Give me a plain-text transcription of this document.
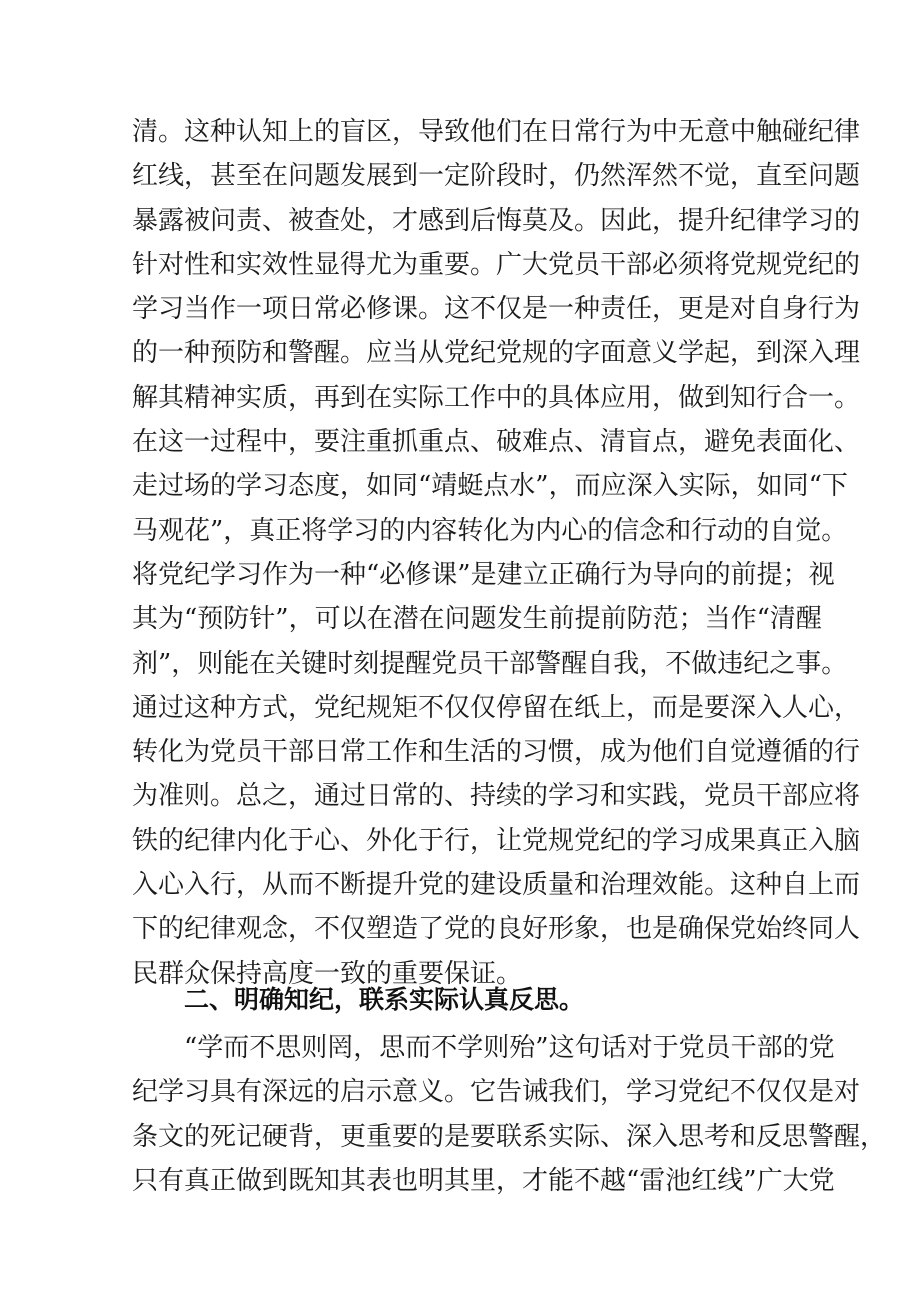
清。这种认知上的盲区，导致他们在日常行为中无意中触碰纪律
红线，甚至在问题发展到一定阶段时，仍然浑然不觉，直至问题
暴露被问责、被查处，才感到后悔莫及。因此，提升纪律学习的
针对性和实效性显得尤为重要。广大党员干部必须将党规党纪的
学习当作一项日常必修课。这不仅是一种责任，更是对自身行为
的一种预防和警醒。应当从党纪党规的字面意义学起，到深入理
解其精神实质，再到在实际工作中的具体应用，做到知行合一。
在这一过程中，要注重抓重点、破难点、清盲点，避免表面化、
走过场的学习态度，如同“靖蜓点水”，而应深入实际，如同“下
马观花”，真正将学习的内容转化为内心的信念和行动的自觉。
将党纪学习作为一种“必修课”是建立正确行为导向的前提；视
其为“预防针”，可以在潜在问题发生前提前防范；当作“清醒
剂”，则能在关键时刻提醒党员干部警醒自我，不做违纪之事。
通过这种方式，党纪规矩不仅仅停留在纸上，而是要深入人心，
转化为党员干部日常工作和生活的习惯，成为他们自觉遵循的行
为准则。总之，通过日常的、持续的学习和实践，党员干部应将
铁的纪律内化于心、外化于行，让党规党纪的学习成果真正入脑
入心入行，从而不断提升党的建设质量和治理效能。这种自上而
下的纪律观念，不仅塑造了党的良好形象，也是确保党始终同人
民群众保持高度一致的重要保证。
二、明确知纪，联系实际认真反思。
“学而不思则罔，思而不学则殆”这句话对于党员干部的党
纪学习具有深远的启示意义。它告诫我们，学习党纪不仅仅是对
条文的死记硬背，更重要的是要联系实际、深入思考和反思警醒，
只有真正做到既知其表也明其里，才能不越“雷池红线”广大党
